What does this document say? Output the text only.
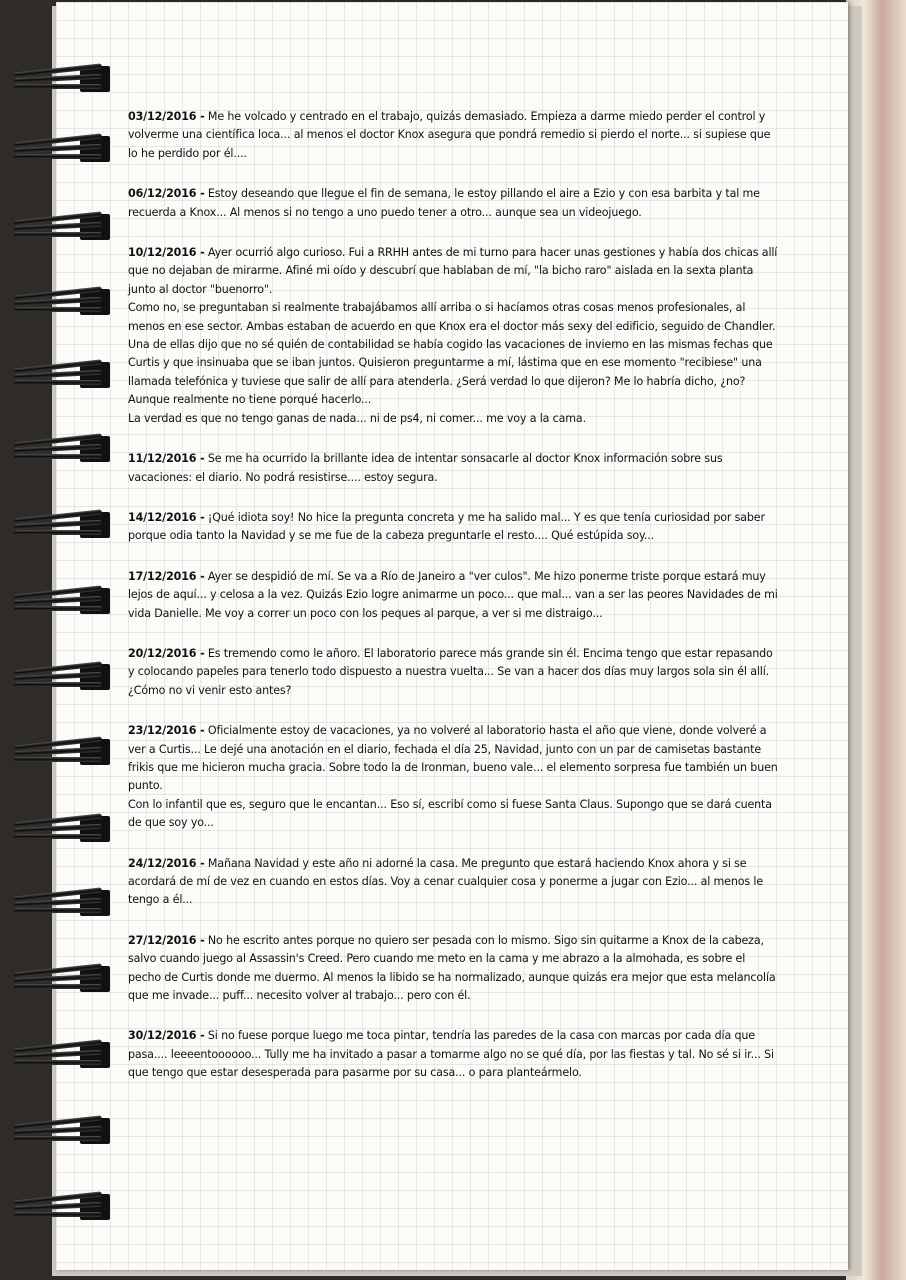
03/12/2016 - Me he volcado y centrado en el trabajo, quizás demasiado. Empieza a darme miedo perder el control y volverme una científica loca... al menos el doctor Knox asegura que pondrá remedio si pierdo el norte... si supiese que lo he perdido por él....

06/12/2016 - Estoy deseando que llegue el fin de semana, le estoy pillando el aire a Ezio y con esa barbita y tal me recuerda a Knox... Al menos si no tengo a uno puedo tener a otro... aunque sea un videojuego.

10/12/2016 - Ayer ocurrió algo curioso. Fui a RRHH antes de mi turno para hacer unas gestiones y había dos chicas allí que no dejaban de mirarme. Afiné mi oído y descubrí que hablaban de mí, "la bicho raro" aislada en la sexta planta junto al doctor "buenorro".

Como no, se preguntaban si realmente trabajábamos allí arriba o si hacíamos otras cosas menos profesionales, al menos en ese sector. Ambas estaban de acuerdo en que Knox era el doctor más sexy del edificio, seguido de Chandler.

Una de ellas dijo que no sé quién de contabilidad se había cogido las vacaciones de invierno en las mismas fechas que Curtis y que insinuaba que se iban juntos. Quisieron preguntarme a mí, lástima que en ese momento "recibiese" una llamada telefónica y tuviese que salir de allí para atenderla. ¿Será verdad lo que dijeron? Me lo habría dicho, ¿no? Aunque realmente no tiene porqué hacerlo...

La verdad es que no tengo ganas de nada... ni de ps4, ni comer... me voy a la cama.

11/12/2016 - Se me ha ocurrido la brillante idea de intentar sonsacarle al doctor Knox información sobre sus vacaciones: el diario. No podrá resistirse.... estoy segura.

14/12/2016 - ¡Qué idiota soy! No hice la pregunta concreta y me ha salido mal... Y es que tenía curiosidad por saber porque odia tanto la Navidad y se me fue de la cabeza preguntarle el resto.... Qué estúpida soy...

17/12/2016 - Ayer se despidió de mí. Se va a Río de Janeiro a "ver culos". Me hizo ponerme triste porque estará muy lejos de aquí... y celosa a la vez. Quizás Ezio logre animarme un poco... que mal... van a ser las peores Navidades de mi vida Danielle. Me voy a correr un poco con los peques al parque, a ver si me distraigo...

20/12/2016 - Es tremendo como le añoro. El laboratorio parece más grande sin él. Encima tengo que estar repasando y colocando papeles para tenerlo todo dispuesto a nuestra vuelta... Se van a hacer dos días muy largos sola sin él allí. ¿Cómo no vi venir esto antes?

23/12/2016 - Oficialmente estoy de vacaciones, ya no volveré al laboratorio hasta el año que viene, donde volveré a ver a Curtis... Le dejé una anotación en el diario, fechada el día 25, Navidad, junto con un par de camisetas bastante frikis que me hicieron mucha gracia. Sobre todo la de Ironman, bueno vale... el elemento sorpresa fue también un buen punto.

Con lo infantil que es, seguro que le encantan... Eso sí, escribí como si fuese Santa Claus. Supongo que se dará cuenta de que soy yo...

24/12/2016 - Mañana Navidad y este año ni adorné la casa. Me pregunto que estará haciendo Knox ahora y si se acordará de mí de vez en cuando en estos días. Voy a cenar cualquier cosa y ponerme a jugar con Ezio... al menos le tengo a él...

27/12/2016 - No he escrito antes porque no quiero ser pesada con lo mismo. Sigo sin quitarme a Knox de la cabeza, salvo cuando juego al Assassin's Creed. Pero cuando me meto en la cama y me abrazo a la almohada, es sobre el pecho de Curtis donde me duermo. Al menos la libido se ha normalizado, aunque quizás era mejor que esta melancolía que me invade... puff... necesito volver al trabajo... pero con él.

30/12/2016 - Si no fuese porque luego me toca pintar, tendría las paredes de la casa con marcas por cada día que pasa.... leeeentoooooo... Tully me ha invitado a pasar a tomarme algo no se qué día, por las fiestas y tal. No sé si ir... Si que tengo que estar desesperada para pasarme por su casa... o para planteármelo.
